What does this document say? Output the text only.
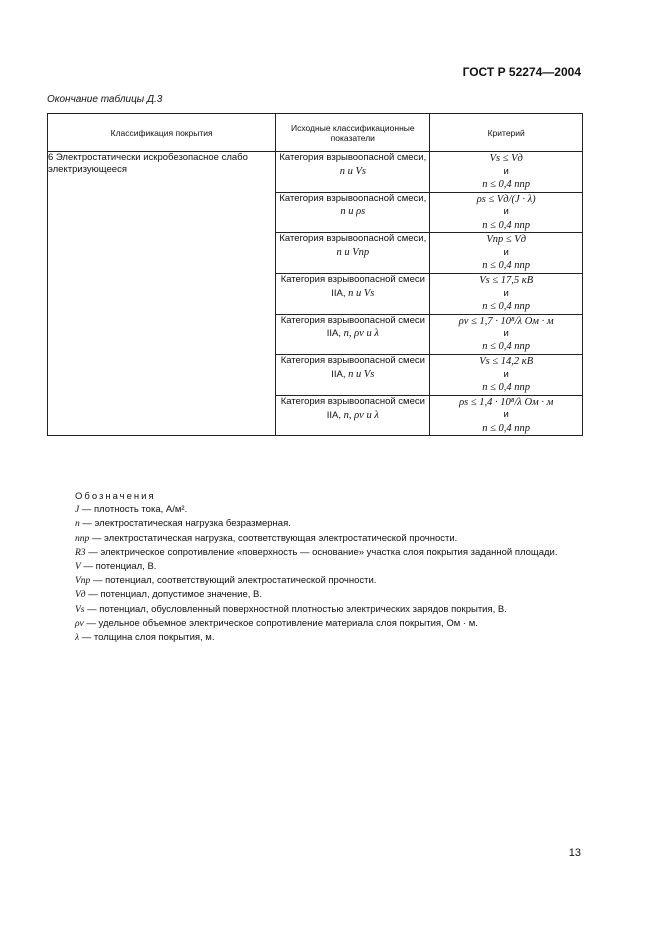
ГОСТ Р 52274—2004
Окончание таблицы Д.3
Классификация покрытия	Исходные классификационные показатели	Критерий
6 Электростатически искробезопасное слабо электризующееся	Категория взрывоопасной смеси, n и Vs	Vs ≤ Vд
и
n ≤ 0,4 nпр

	Категория взрывоопасной смеси, n и ρs	ρs ≤ Vд/(J · λ)
и
n ≤ 0,4 nпр

	Категория взрывоопасной смеси, n и Vпр	Vпр ≤ Vд
и
n ≤ 0,4 nпр

	Категория взрывоопасной смеси IIА, n и Vs	Vs ≤ 17,5 кВ
и
n ≤ 0,4 nпр

	Категория взрывоопасной смеси IIА, n, ρv и λ	ρv ≤ 1,7 · 10⁸/λ Ом · м
и
n ≤ 0,4 nпр

	Категория взрывоопасной смеси IIА, n и Vs	Vs ≤ 14,2 кВ
и
n ≤ 0,4 nпр

	Категория взрывоопасной смеси IIА, n, ρv и λ	ρs ≤ 1,4 · 10⁸/λ Ом · м
и
n ≤ 0,4 nпр
Обозначения
J — плотность тока, А/м².
n — электростатическая нагрузка безразмерная.
nпр — электростатическая нагрузка, соответствующая электростатической прочности.
R3 — электрическое сопротивление «поверхность — основание» участка слоя покрытия заданной площади.
V — потенциал, В.
Vпр — потенциал, соответствующий электростатической прочности.
Vд — потенциал, допустимое значение, В.
Vs — потенциал, обусловленный поверхностной плотностью электрических зарядов покрытия, В.
ρv — удельное объемное электрическое сопротивление материала слоя покрытия, Ом · м.
λ — толщина слоя покрытия, м.
13
